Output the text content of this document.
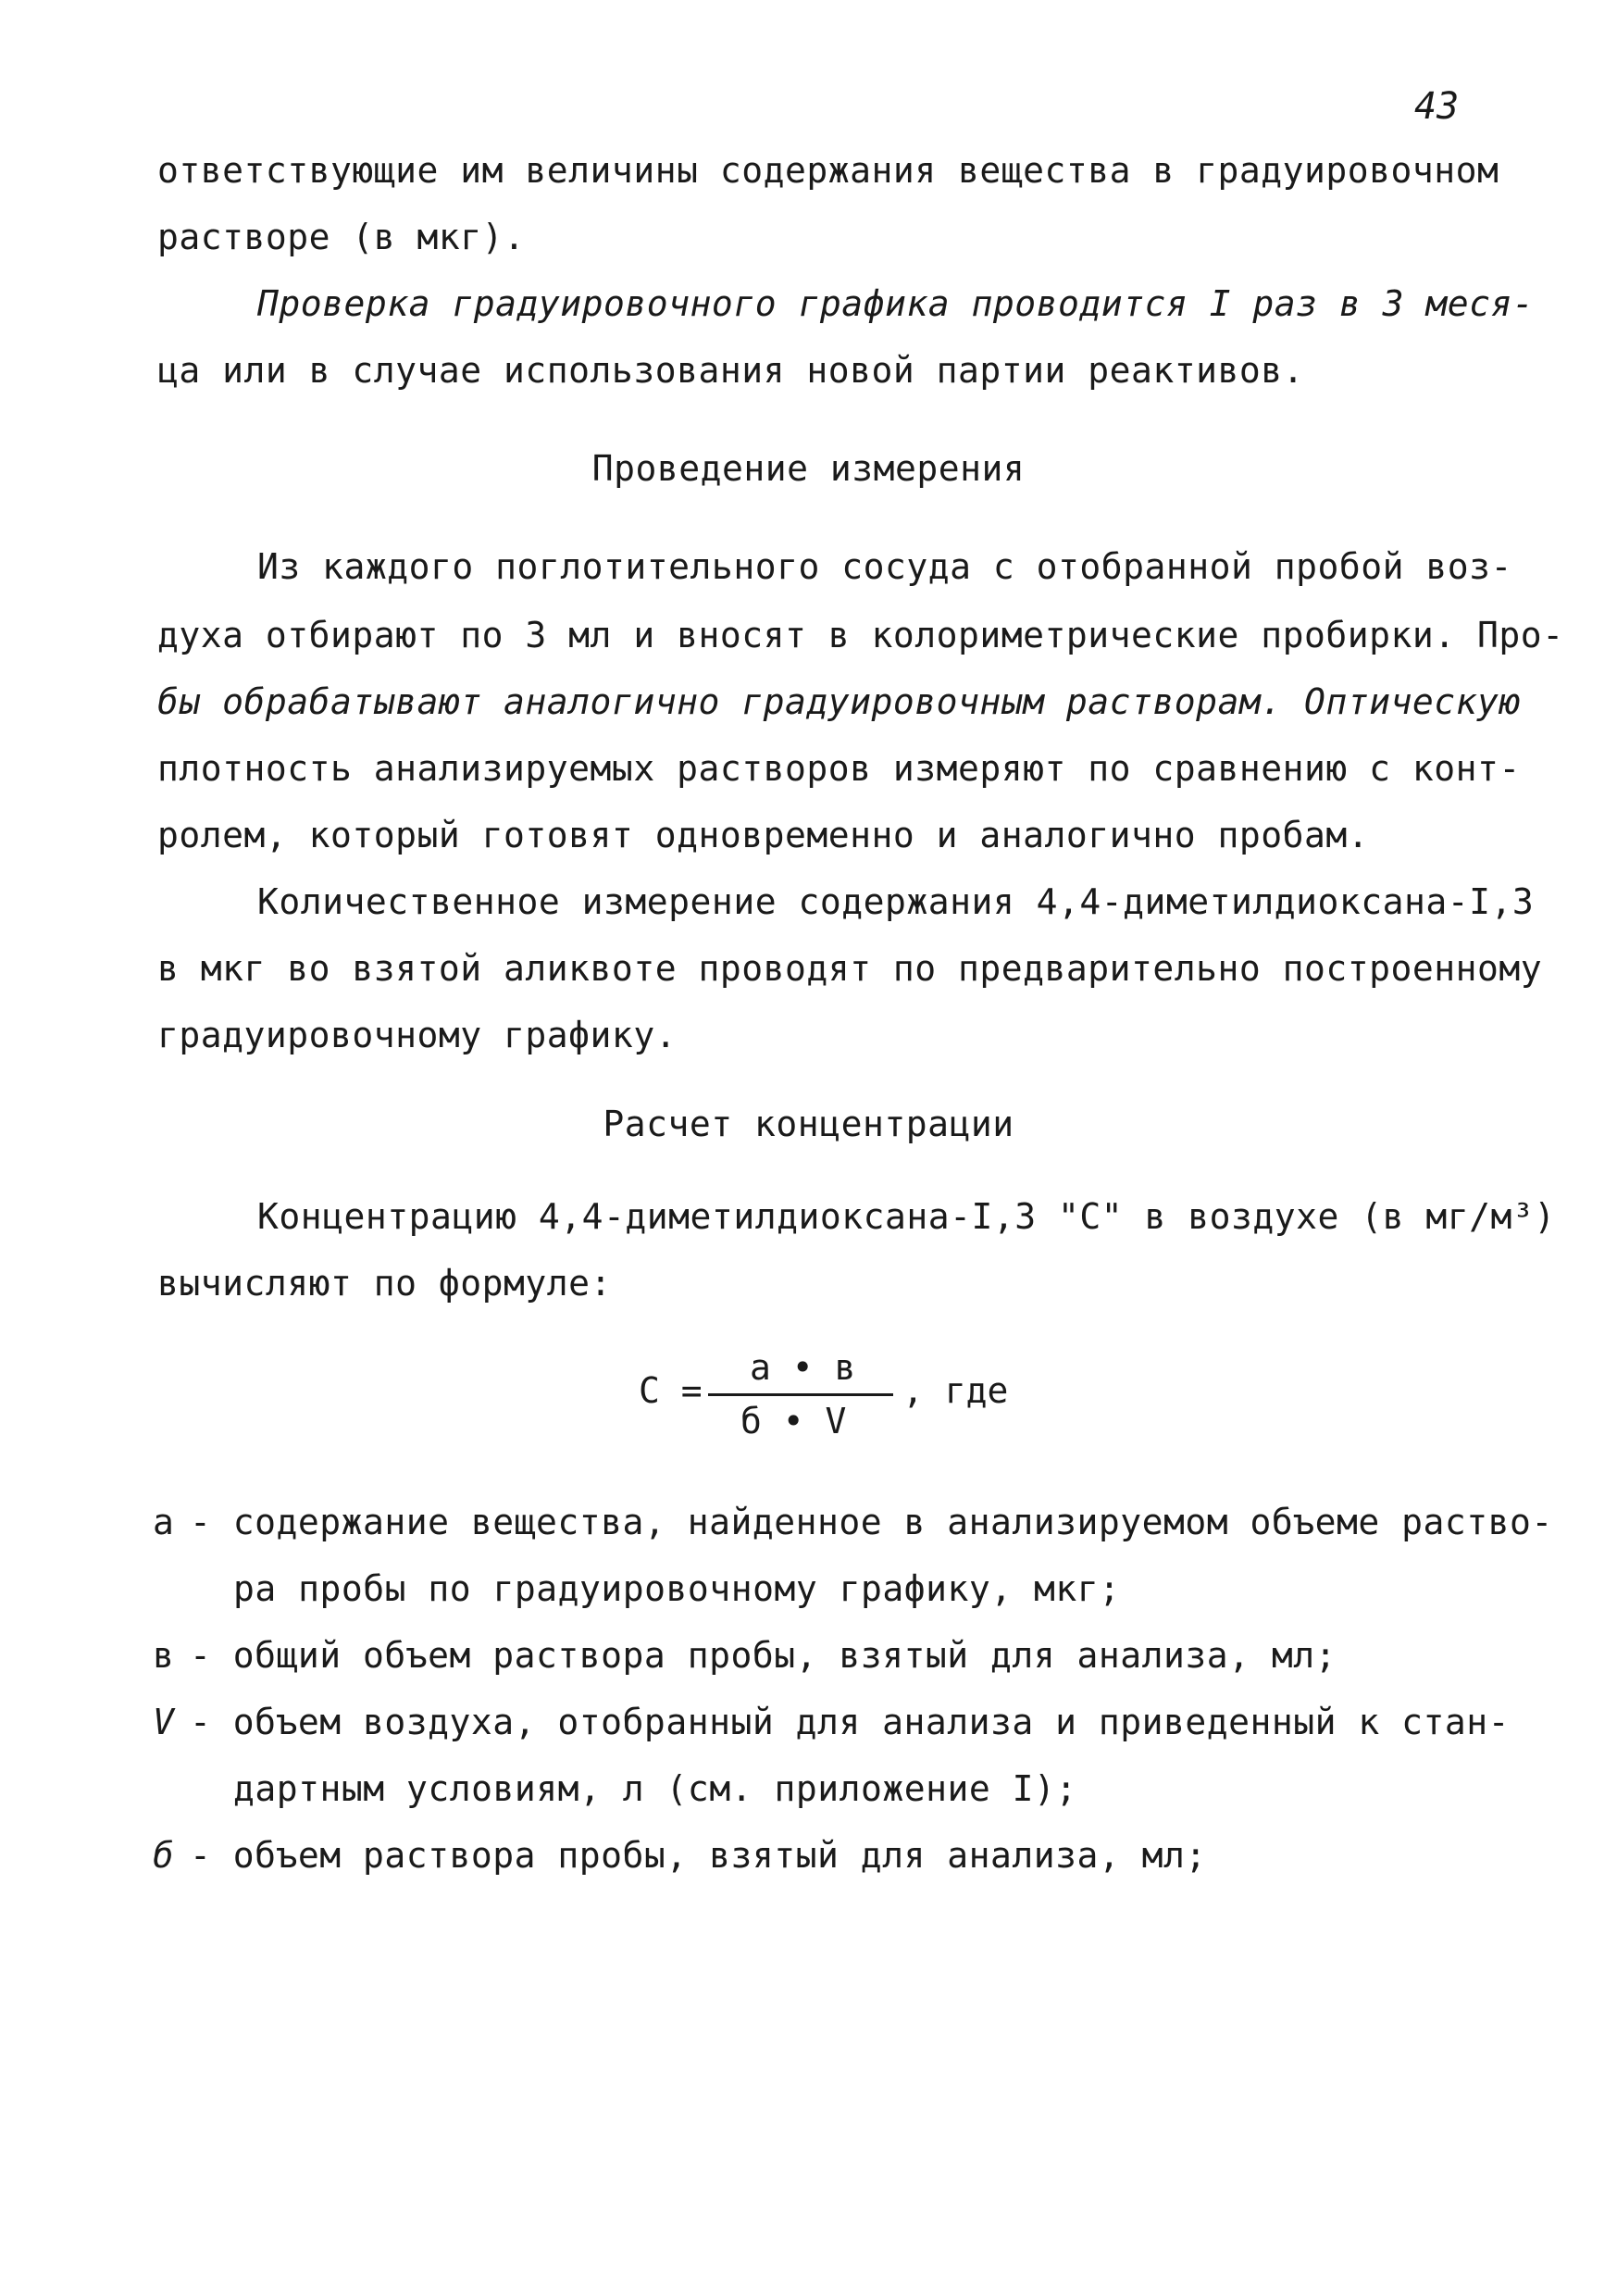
43
ответствующие им величины содержания вещества в градуировочном
растворе (в мкг).
Проверка градуировочного графика проводится I раз в 3 меся-
ца или в случае использования новой партии реактивов.
Проведение измерения
Из каждого поглотительного сосуда с отобранной пробой воз-
духа отбирают по 3 мл и вносят в колориметрические пробирки. Про-
бы обрабатывают аналогично градуировочным растворам. Оптическую
плотность анализируемых растворов измеряют по сравнению с конт-
ролем, который готовят одновременно и аналогично пробам.
Количественное измерение содержания 4,4-диметилдиоксана-I,3
в мкг во взятой аликвоте проводят по предварительно построенному
градуировочному графику.
Расчет концентрации
Концентрацию 4,4-диметилдиоксана-I,3 "С" в воздухе (в мг/м³)
вычисляют по формуле:
С =
а • в
б • V
, где
а - содержание вещества, найденное в анализируемом объеме раство-
ра пробы по градуировочному графику, мкг;
в - общий объем раствора пробы, взятый для анализа, мл;
V - объем воздуха, отобранный для анализа и приведенный к стан-
дартным условиям, л (см. приложение I);
б - объем раствора пробы, взятый для анализа, мл;
